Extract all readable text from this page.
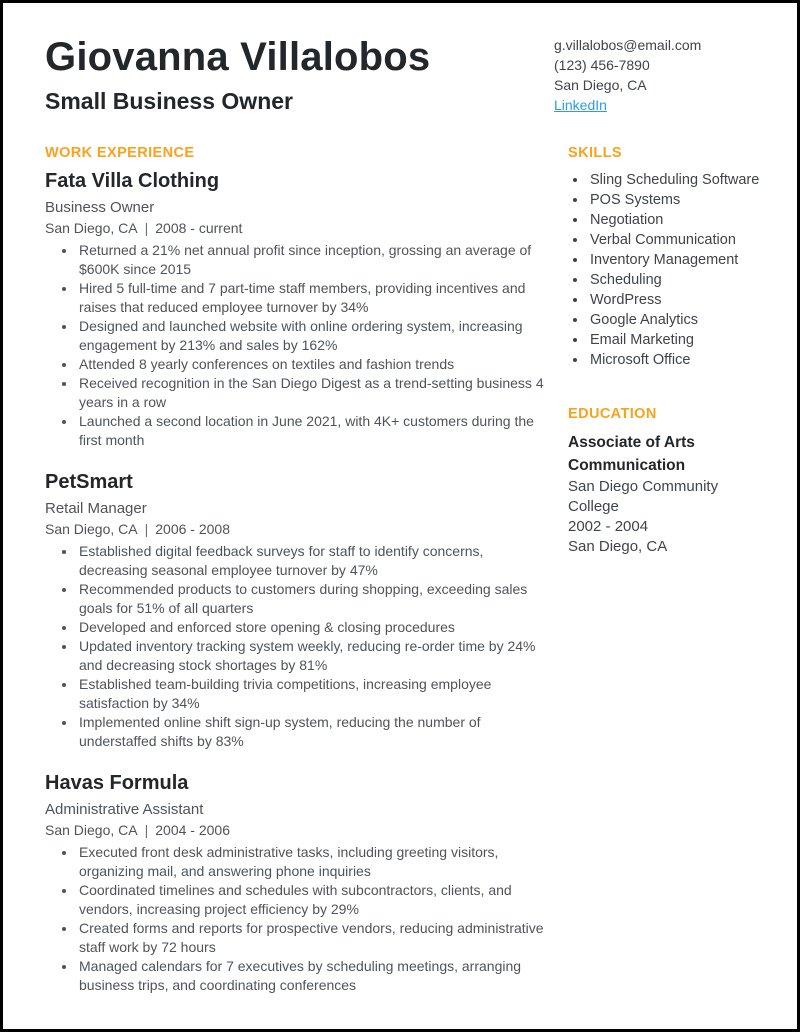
Giovanna Villalobos
Small Business Owner
g.villalobos@email.com
(123) 456-7890
San Diego, CA
LinkedIn
WORK EXPERIENCE
Fata Villa Clothing
Business Owner
San Diego, CA | 2008 - current
• Returned a 21% net annual profit since inception, grossing an average of $600K since 2015
• Hired 5 full-time and 7 part-time staff members, providing incentives and raises that reduced employee turnover by 34%
• Designed and launched website with online ordering system, increasing engagement by 213% and sales by 162%
• Attended 8 yearly conferences on textiles and fashion trends
• Received recognition in the San Diego Digest as a trend-setting business 4 years in a row
• Launched a second location in June 2021, with 4K+ customers during the first month
PetSmart
Retail Manager
San Diego, CA | 2006 - 2008
• Established digital feedback surveys for staff to identify concerns, decreasing seasonal employee turnover by 47%
• Recommended products to customers during shopping, exceeding sales goals for 51% of all quarters
• Developed and enforced store opening & closing procedures
• Updated inventory tracking system weekly, reducing re-order time by 24% and decreasing stock shortages by 81%
• Established team-building trivia competitions, increasing employee satisfaction by 34%
• Implemented online shift sign-up system, reducing the number of understaffed shifts by 83%
Havas Formula
Administrative Assistant
San Diego, CA | 2004 - 2006
• Executed front desk administrative tasks, including greeting visitors, organizing mail, and answering phone inquiries
• Coordinated timelines and schedules with subcontractors, clients, and vendors, increasing project efficiency by 29%
• Created forms and reports for prospective vendors, reducing administrative staff work by 72 hours
• Managed calendars for 7 executives by scheduling meetings, arranging business trips, and coordinating conferences
SKILLS
• Sling Scheduling Software
• POS Systems
• Negotiation
• Verbal Communication
• Inventory Management
• Scheduling
• WordPress
• Google Analytics
• Email Marketing
• Microsoft Office
EDUCATION
Associate of Arts
Communication
San Diego Community College
2002 - 2004
San Diego, CA
